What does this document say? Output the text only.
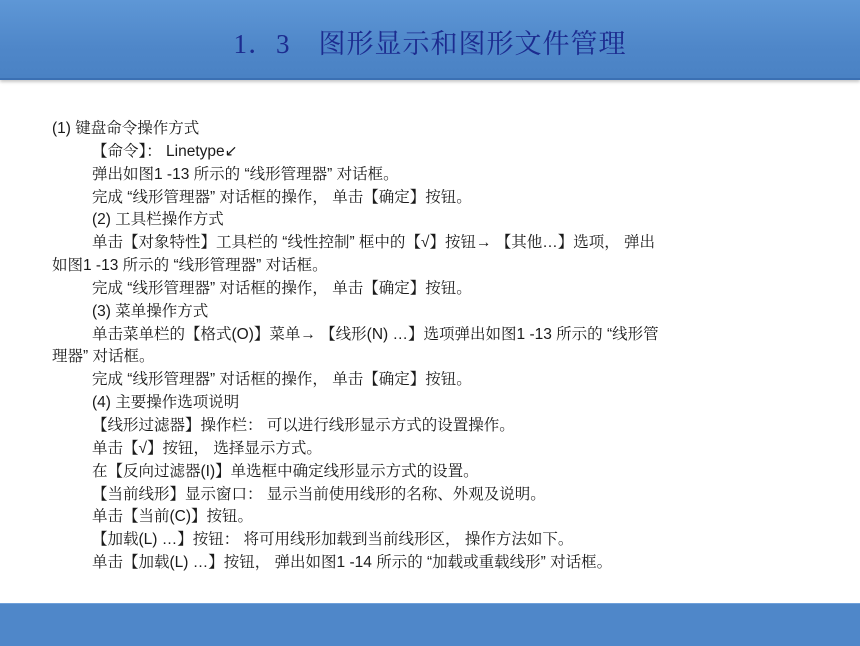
1．3　图形显示和图形文件管理
(1) 键盘命令操作方式
【命令】： Linetype↙
弹出如图1 -13 所示的 “线形管理器” 对话框。
完成 “线形管理器” 对话框的操作， 单击【确定】按钮。
(2) 工具栏操作方式
单击【对象特性】工具栏的 “线性控制” 框中的【√】按钮→ 【其他…】选项， 弹出
如图1 -13 所示的 “线形管理器” 对话框。
完成 “线形管理器” 对话框的操作， 单击【确定】按钮。
(3) 菜单操作方式
单击菜单栏的【格式(O)】菜单→ 【线形(N) …】选项弹出如图1 -13 所示的 “线形管
理器” 对话框。
完成 “线形管理器” 对话框的操作， 单击【确定】按钮。
(4) 主要操作选项说明
【线形过滤器】操作栏： 可以进行线形显示方式的设置操作。
单击【√】按钮， 选择显示方式。
在【反向过滤器(I)】单选框中确定线形显示方式的设置。
【当前线形】显示窗口： 显示当前使用线形的名称、外观及说明。
单击【当前(C)】按钮。
【加载(L) …】按钮： 将可用线形加载到当前线形区， 操作方法如下。
单击【加载(L) …】按钮， 弹出如图1 -14 所示的 “加载或重载线形” 对话框。
